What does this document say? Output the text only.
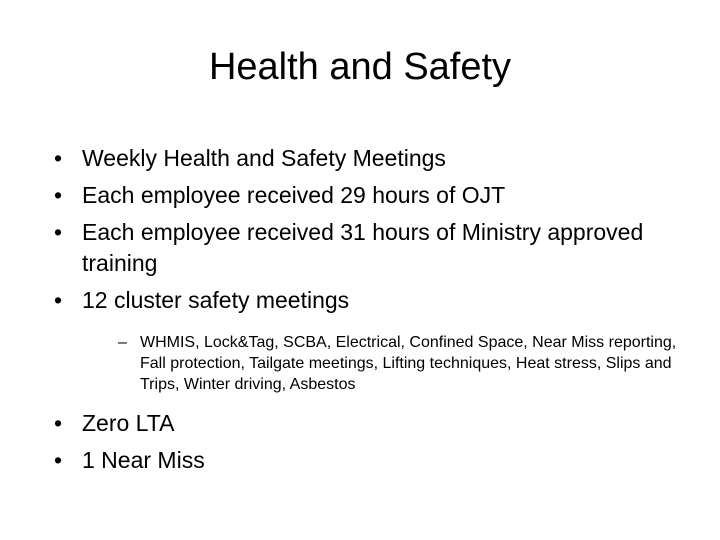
Health and Safety
• Weekly Health and Safety Meetings
• Each employee received 29 hours of OJT
• Each employee received 31 hours of Ministry approved training
• 12 cluster safety meetings
– WHMIS, Lock&Tag, SCBA, Electrical, Confined Space, Near Miss reporting, Fall protection, Tailgate meetings, Lifting techniques, Heat stress, Slips and Trips, Winter driving, Asbestos
• Zero LTA
• 1 Near Miss
